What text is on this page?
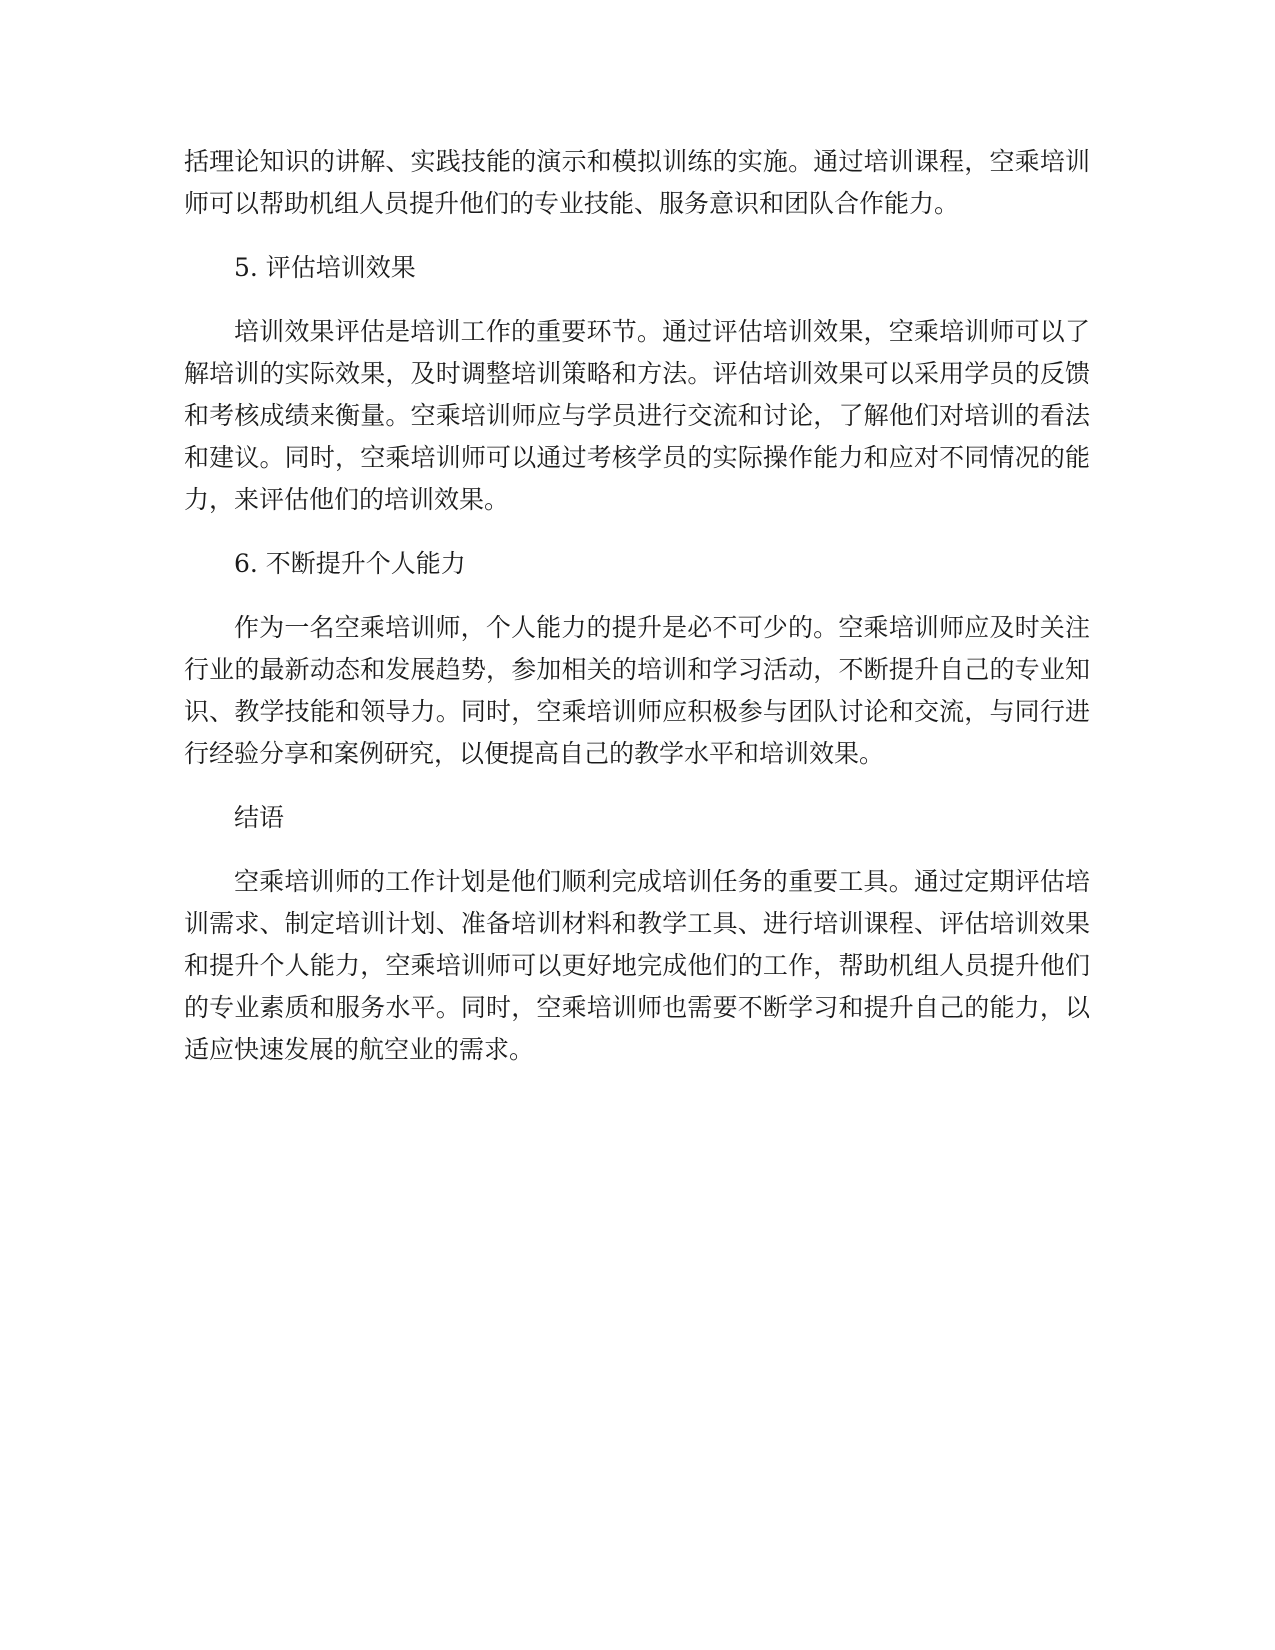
括理论知识的讲解、实践技能的演示和模拟训练的实施。通过培训课程，空乘培训师可以帮助机组人员提升他们的专业技能、服务意识和团队合作能力。

5. 评估培训效果

培训效果评估是培训工作的重要环节。通过评估培训效果，空乘培训师可以了解培训的实际效果，及时调整培训策略和方法。评估培训效果可以采用学员的反馈和考核成绩来衡量。空乘培训师应与学员进行交流和讨论，了解他们对培训的看法和建议。同时，空乘培训师可以通过考核学员的实际操作能力和应对不同情况的能力，来评估他们的培训效果。

6. 不断提升个人能力

作为一名空乘培训师，个人能力的提升是必不可少的。空乘培训师应及时关注行业的最新动态和发展趋势，参加相关的培训和学习活动，不断提升自己的专业知识、教学技能和领导力。同时，空乘培训师应积极参与团队讨论和交流，与同行进行经验分享和案例研究，以便提高自己的教学水平和培训效果。

结语

空乘培训师的工作计划是他们顺利完成培训任务的重要工具。通过定期评估培训需求、制定培训计划、准备培训材料和教学工具、进行培训课程、评估培训效果和提升个人能力，空乘培训师可以更好地完成他们的工作，帮助机组人员提升他们的专业素质和服务水平。同时，空乘培训师也需要不断学习和提升自己的能力，以适应快速发展的航空业的需求。
